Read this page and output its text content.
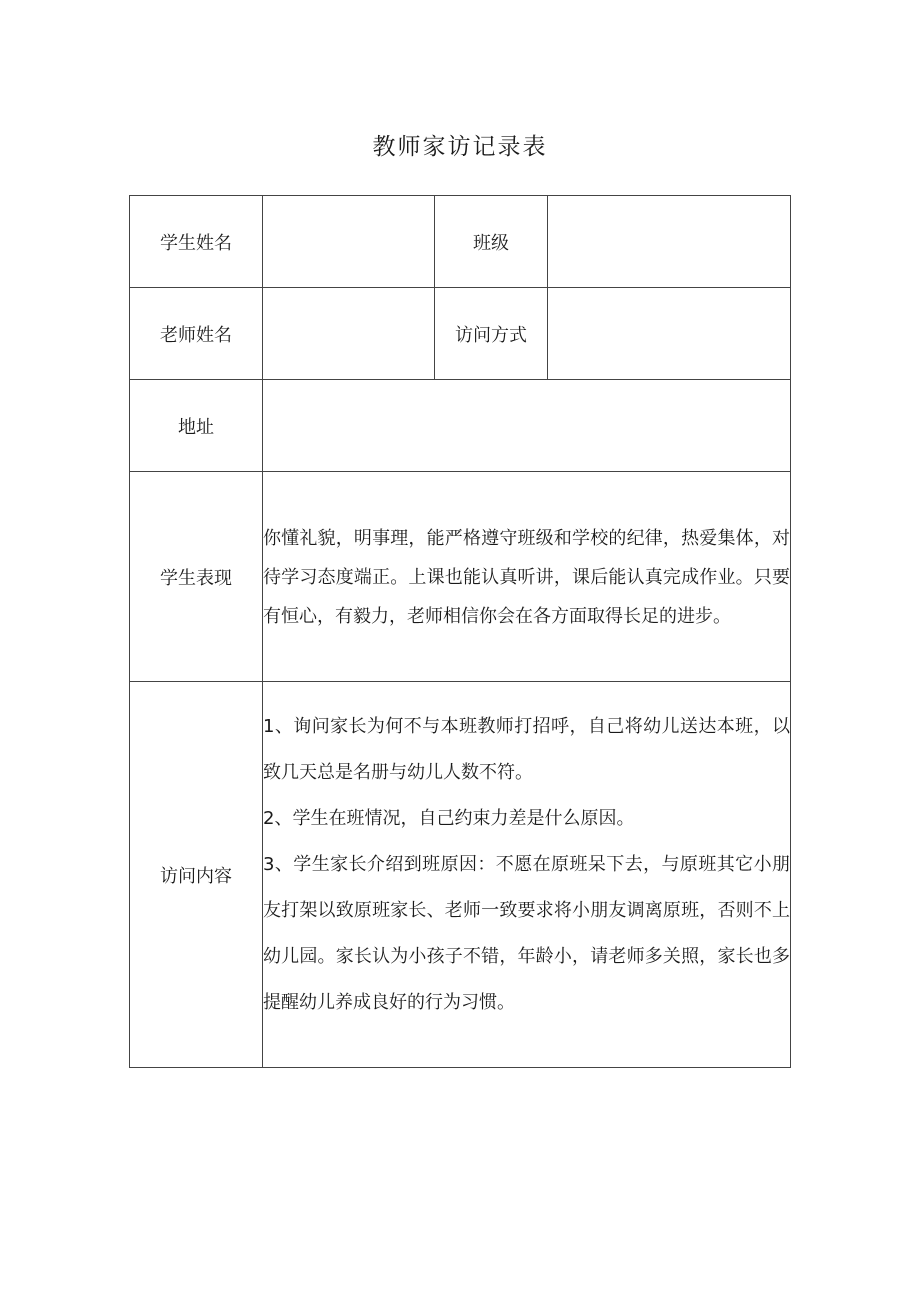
教师家访记录表
学生姓名		班级	
老师姓名		访问方式	
地址			
学生表现	你懂礼貌，明事理，能严格遵守班级和学校的纪律，热爱集体，对待学习态度端正。上课也能认真听讲，课后能认真完成作业。只要有恒心，有毅力，老师相信你会在各方面取得长足的进步。		

访问内容	1、询问家长为何不与本班教师打招呼，自己将幼儿送达本班，以致几天总是名册与幼儿人数不符。
2、学生在班情况，自己约束力差是什么原因。
3、学生家长介绍到班原因：不愿在原班呆下去，与原班其它小朋友打架以致原班家长、老师一致要求将小朋友调离原班，否则不上幼儿园。家长认为小孩子不错，年龄小，请老师多关照，家长也多提醒幼儿养成良好的行为习惯。		
